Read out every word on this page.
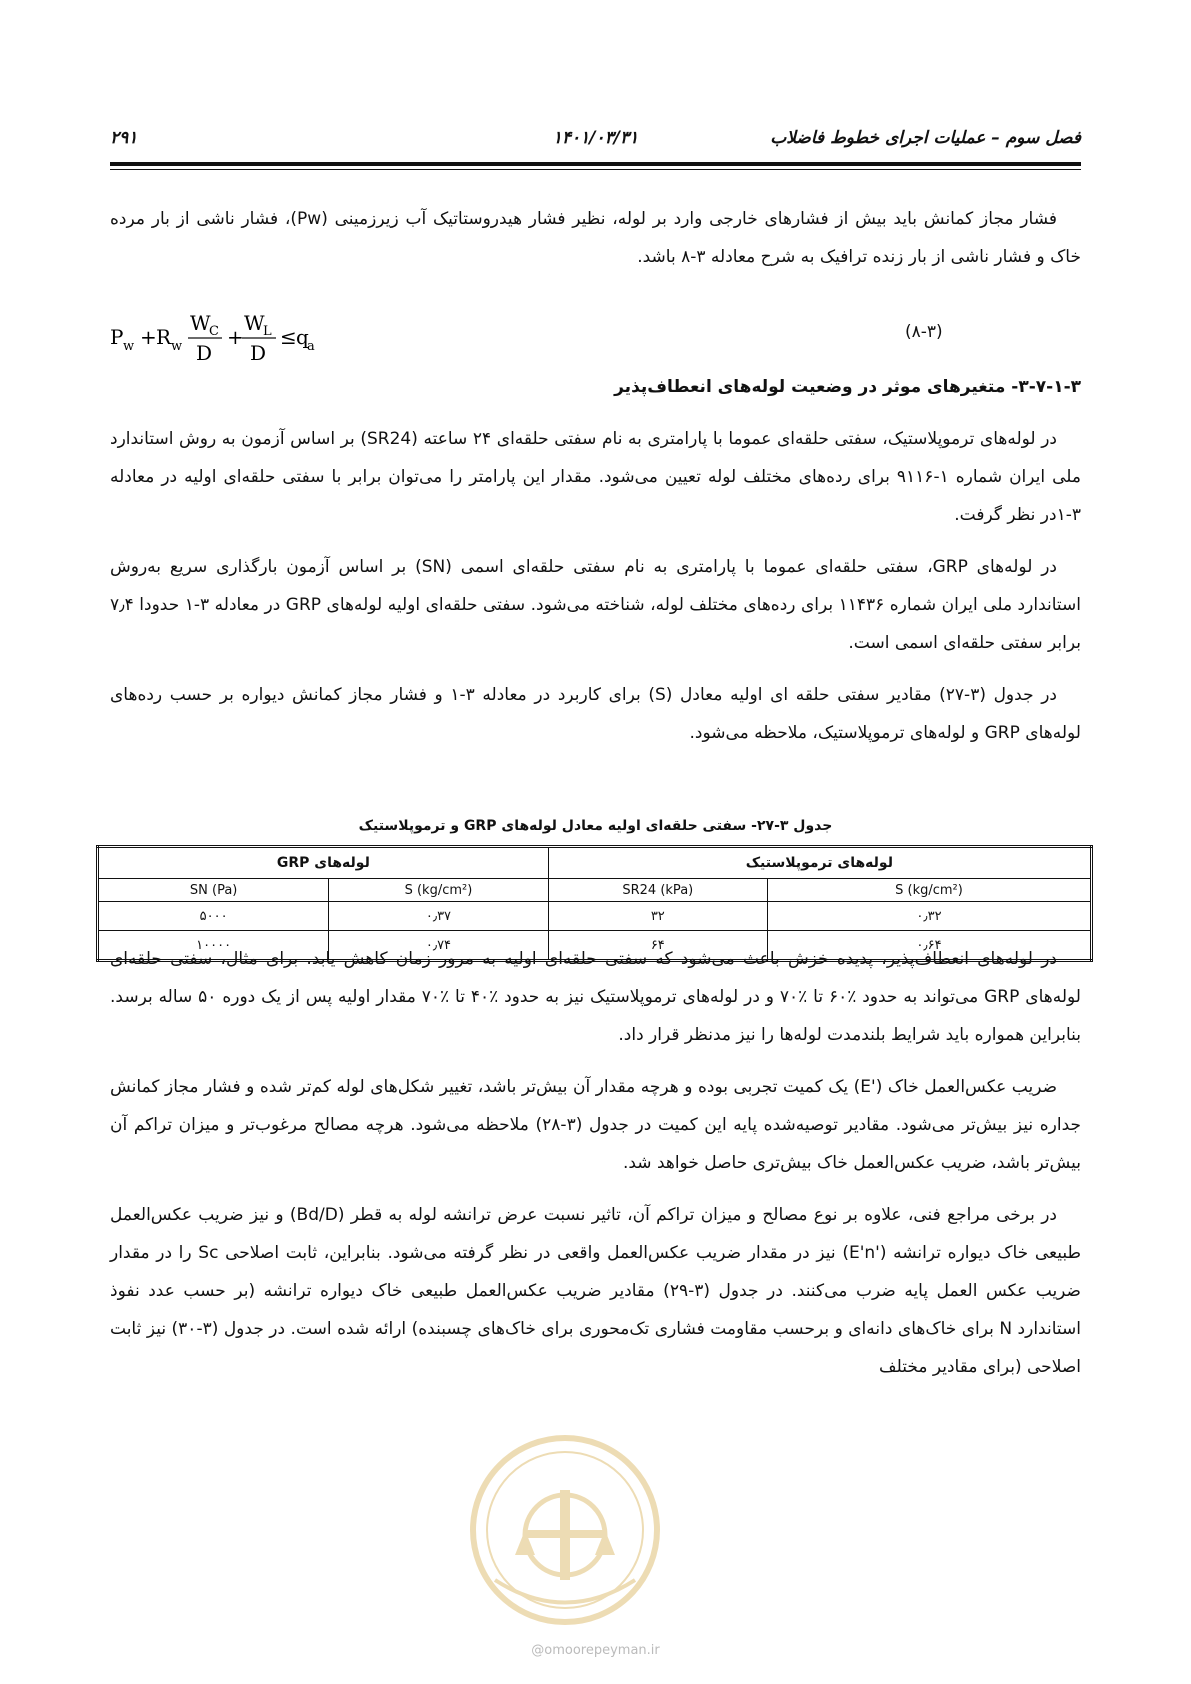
فصل سوم – عملیات اجرای خطوط فاضلاب
۱۴۰۱/۰۳/۳۱
۲۹۱
فشار مجاز کمانش باید بیش از فشارهای خارجی وارد بر لوله، نظیر فشار هیدروستاتیک آب زیرزمینی (Pw)، فشار ناشی از بار مرده خاک و فشار ناشی از بار زنده ترافیک به شرح معادله ۳-۸ باشد.
P w + R w
W
C
D
+
W
L
D
≤ q
a
(۸-۳)
۳-۷-۱-۳- متغیرهای موثر در وضعیت لوله‌های انعطاف‌پذیر
در لوله‌های ترموپلاستیک، سفتی حلقه‌ای عموما با پارامتری به نام سفتی حلقه‌ای ۲۴ ساعته (SR24) بر اساس آزمون به روش استاندارد ملی ایران شماره ۱-۹۱۱۶ برای رده‌های مختلف لوله تعیین می‌شود. مقدار این پارامتر را می‌توان برابر با سفتی حلقه‌ای اولیه در معادله ۳-۱در نظر گرفت.
در لوله‌های GRP، سفتی حلقه‌ای عموما با پارامتری به نام سفتی حلقه‌ای اسمی (SN) بر اساس آزمون بارگذاری سریع به‌روش استاندارد ملی ایران شماره ۱۱۴۳۶ برای رده‌های مختلف لوله، شناخته می‌شود. سفتی حلقه‌ای اولیه لوله‌های GRP در معادله ۳-۱ حدودا ۷٫۴ برابر سفتی حلقه‌ای اسمی است.
در جدول (۳-۲۷) مقادیر سفتی حلقه ای اولیه معادل (S) برای کاربرد در معادله ۳-۱ و فشار مجاز کمانش دیواره بر حسب رده‌های لوله‌های GRP و لوله‌های ترموپلاستیک، ملاحظه می‌شود.
جدول ۳-۲۷- سفتی حلقه‌ای اولیه معادل لوله‌های GRP و ترموپلاستیک
لوله‌های GRP		لوله‌های ترموپلاستیک	
SN (Pa)	S (kg/cm²)	SR24 (kPa)	S (kg/cm²)
۵۰۰۰	۰٫۳۷	۳۲	۰٫۳۲
۱۰۰۰۰	۰٫۷۴	۶۴	۰٫۶۴
در لوله‌های انعطاف‌پذیر، پدیده خزش باعث می‌شود که سفتی حلقه‌ای اولیه به مرور زمان کاهش یابد. برای مثال، سفتی حلقه‌ای لوله‌های GRP می‌تواند به حدود ٪۶۰ تا ٪۷۰ و در لوله‌های ترموپلاستیک نیز به حدود ٪۴۰ تا ٪۷۰ مقدار اولیه پس از یک دوره ۵۰ ساله برسد. بنابراین همواره باید شرایط بلندمدت لوله‌ها را نیز مدنظر قرار داد.
ضریب عکس‌العمل خاک ('E) یک کمیت تجربی بوده و هرچه مقدار آن بیش‌تر باشد، تغییر شکل‌های لوله کم‌تر شده و فشار مجاز کمانش جداره نیز بیش‌تر می‌شود. مقادیر توصیه‌شده پایه این کمیت در جدول (۳-۲۸) ملاحظه می‌شود. هرچه مصالح مرغوب‌تر و میزان تراکم آن بیش‌تر باشد، ضریب عکس‌العمل خاک بیش‌تری حاصل خواهد شد.
در برخی مراجع فنی، علاوه بر نوع مصالح و میزان تراکم آن، تاثیر نسبت عرض ترانشه لوله به قطر (Bd/D) و نیز ضریب عکس‌العمل طبیعی خاک دیواره ترانشه ('E'n) نیز در مقدار ضریب عکس‌العمل واقعی در نظر گرفته می‌شود. بنابراین، ثابت اصلاحی Sc را در مقدار ضریب عکس العمل پایه ضرب می‌کنند. در جدول (۳-۲۹) مقادیر ضریب عکس‌العمل طبیعی خاک دیواره ترانشه (بر حسب عدد نفوذ استاندارد N برای خاک‌های دانه‌ای و برحسب مقاومت فشاری تک‌محوری برای خاک‌های چسبنده) ارائه شده است. در جدول (۳-۳۰) نیز ثابت اصلاحی (برای مقادیر مختلف
@omoorepeyman.ir
